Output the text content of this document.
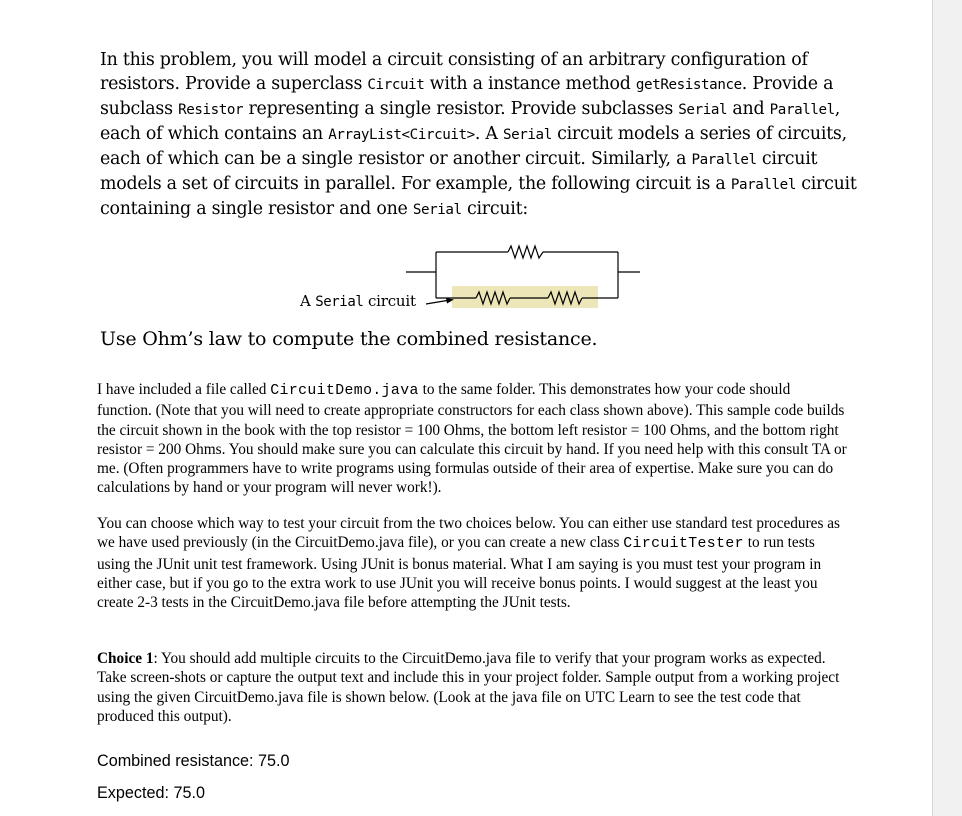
In this problem, you will model a circuit consisting of an arbitrary configuration of resistors. Provide a superclass Circuit with a instance method getResistance. Provide a subclass Resistor representing a single resistor. Provide subclasses Serial and Parallel, each of which contains an ArrayList<Circuit>. A Serial circuit models a series of circuits, each of which can be a single resistor or another circuit. Similarly, a Parallel circuit models a set of circuits in parallel. For example, the following circuit is a Parallel circuit containing a single resistor and one Serial circuit:

A Serial circuit

Use Ohm’s law to compute the combined resistance.

I have included a file called CircuitDemo.java to the same folder. This demonstrates how your code should function. (Note that you will need to create appropriate constructors for each class shown above). This sample code builds the circuit shown in the book with the top resistor = 100 Ohms, the bottom left resistor = 100 Ohms, and the bottom right resistor = 200 Ohms. You should make sure you can calculate this circuit by hand. If you need help with this consult TA or me. (Often programmers have to write programs using formulas outside of their area of expertise. Make sure you can do calculations by hand or your program will never work!).

You can choose which way to test your circuit from the two choices below. You can either use standard test procedures as we have used previously (in the CircuitDemo.java file), or you can create a new class CircuitTester to run tests using the JUnit unit test framework. Using JUnit is bonus material. What I am saying is you must test your program in either case, but if you go to the extra work to use JUnit you will receive bonus points. I would suggest at the least you create 2-3 tests in the CircuitDemo.java file before attempting the JUnit tests.

Choice 1: You should add multiple circuits to the CircuitDemo.java file to verify that your program works as expected. Take screen-shots or capture the output text and include this in your project folder. Sample output from a working project using the given CircuitDemo.java file is shown below. (Look at the java file on UTC Learn to see the test code that produced this output).

Combined resistance: 75.0

Expected: 75.0
